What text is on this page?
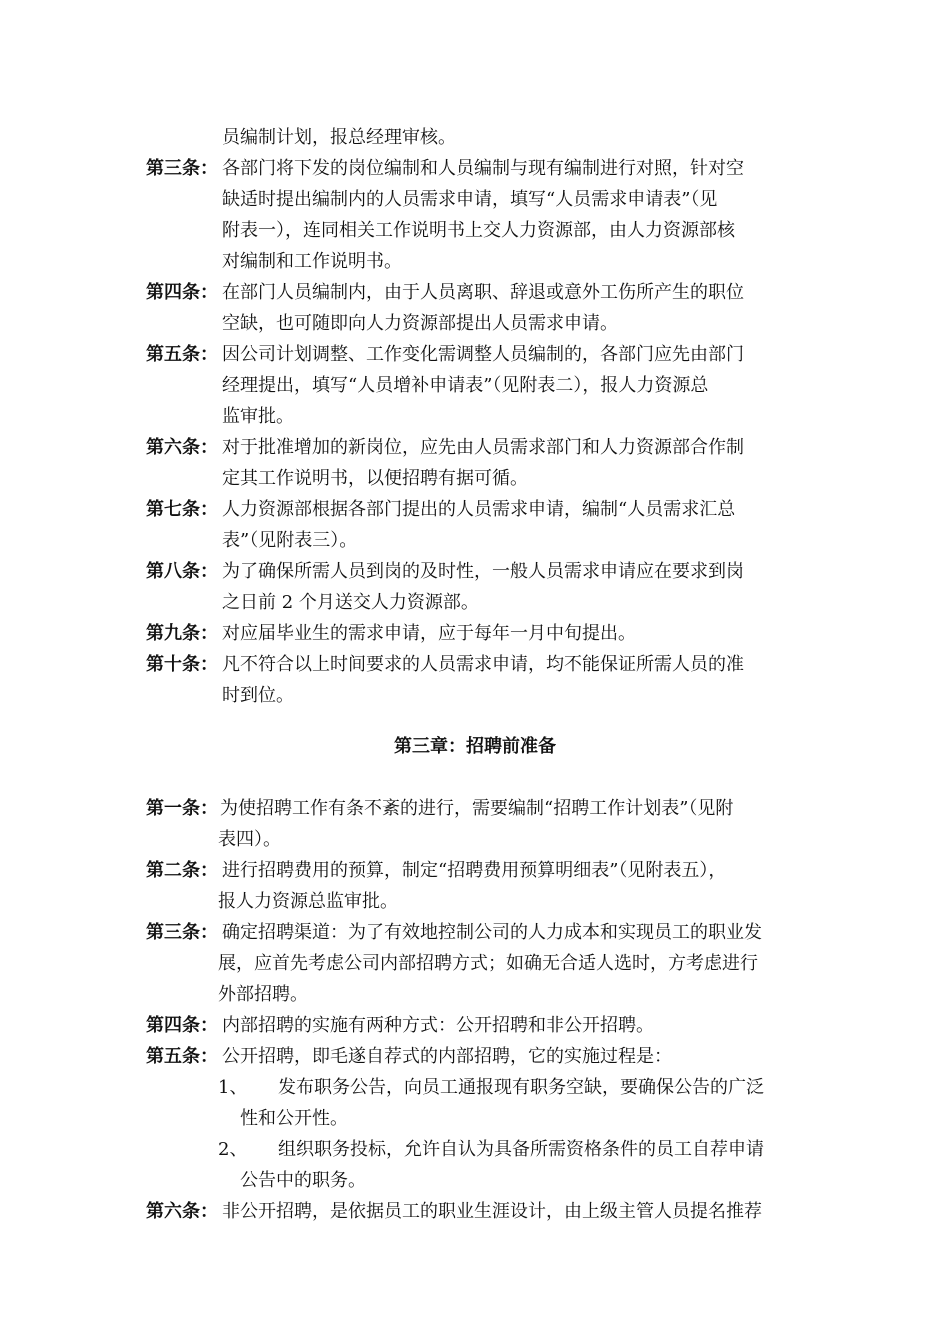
员编制计划，报总经理审核。
第三条： 各部门将下发的岗位编制和人员编制与现有编制进行对照，针对空
缺适时提出编制内的人员需求申请，填写“人员需求申请表”（见
附表一），连同相关工作说明书上交人力资源部，由人力资源部核
对编制和工作说明书。
第四条： 在部门人员编制内，由于人员离职、辞退或意外工伤所产生的职位
空缺，也可随即向人力资源部提出人员需求申请。
第五条： 因公司计划调整、工作变化需调整人员编制的，各部门应先由部门
经理提出，填写“人员增补申请表”（见附表二），报人力资源总
监审批。
第六条： 对于批准增加的新岗位，应先由人员需求部门和人力资源部合作制
定其工作说明书，以便招聘有据可循。
第七条： 人力资源部根据各部门提出的人员需求申请，编制“人员需求汇总
表”（见附表三）。
第八条： 为了确保所需人员到岗的及时性，一般人员需求申请应在要求到岗
之日前 2 个月送交人力资源部。
第九条： 对应届毕业生的需求申请，应于每年一月中旬提出。
第十条： 凡不符合以上时间要求的人员需求申请，均不能保证所需人员的准
时到位。
第三章：招聘前准备
第一条： 为使招聘工作有条不紊的进行，需要编制“招聘工作计划表”（见附
表四）。
第二条： 进行招聘费用的预算，制定“招聘费用预算明细表”（见附表五），
报人力资源总监审批。
第三条： 确定招聘渠道：为了有效地控制公司的人力成本和实现员工的职业发
展，应首先考虑公司内部招聘方式；如确无合适人选时，方考虑进行
外部招聘。
第四条： 内部招聘的实施有两种方式：公开招聘和非公开招聘。
第五条： 公开招聘，即毛遂自荐式的内部招聘，它的实施过程是：
1、 发布职务公告，向员工通报现有职务空缺，要确保公告的广泛
性和公开性。
2、 组织职务投标，允许自认为具备所需资格条件的员工自荐申请
公告中的职务。
第六条： 非公开招聘，是依据员工的职业生涯设计，由上级主管人员提名推荐
